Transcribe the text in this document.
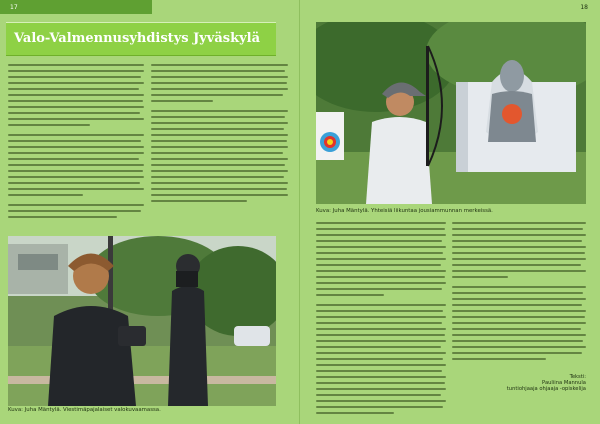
17
Valo-Valmennusyhdistys Jyväskylä
Kuva: Juha Mäntylä. Viestimäpajalaiset valokuvaamassa.
18
Kuva: Juha Mäntylä. Yhteisiä liikuntaa jousiammunnan merkeissä.
Teksti:
Pauliina Mannula
tuntiohjaaja ohjaaja -opiskelija
